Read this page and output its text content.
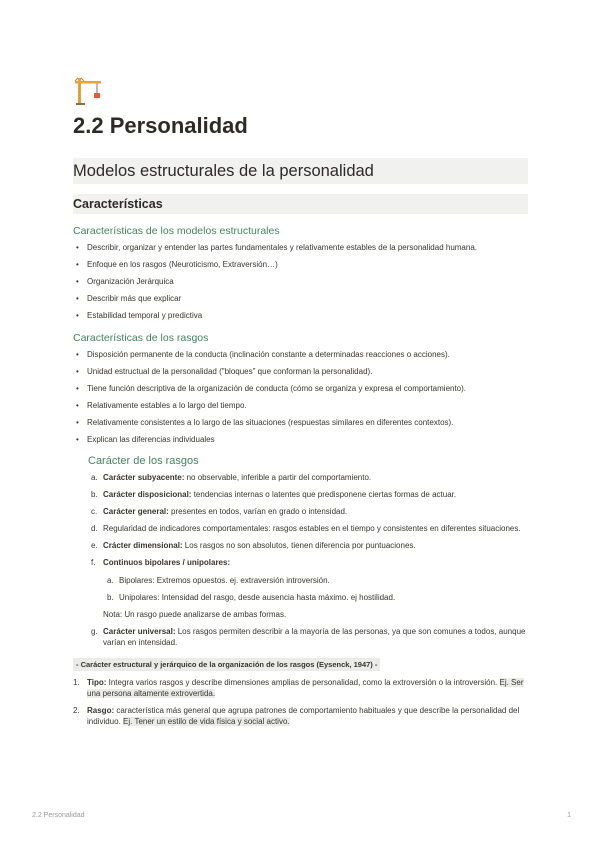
2.2 Personalidad
Modelos estructurales de la personalidad
Características
Características de los modelos estructurales
• Describir, organizar y entender las partes fundamentales y relativamente estables de la personalidad humana.
• Enfoque en los rasgos (Neuroticismo, Extraversión…)
• Organización Jerárquica
• Describir más que explicar
• Estabilidad temporal y predictiva
Características de los rasgos
• Disposición permanente de la conducta (inclinación constante a determinadas reacciones o acciones).
• Unidad estructual de la personalidad ("bloques" que conforman la personalidad).
• Tiene función descriptiva de la organización de conducta (cómo se organiza y expresa el comportamiento).
• Relativamente estables a lo largo del tiempo.
• Relativamente consistentes a lo largo de las situaciones (respuestas similares en diferentes contextos).
• Explican las diferencias individuales
Carácter de los rasgos
a. Carácter subyacente: no observable, inferible a partir del comportamiento.
b. Carácter disposicional: tendencias internas o latentes que predisponene ciertas formas de actuar.
c. Carácter general: presentes en todos, varían en grado o intensidad.
d. Regularidad de indicadores comportamentales: rasgos estables en el tiempo y consistentes en diferentes situaciones.
e. Crácter dimensional: Los rasgos no son absolutos, tienen diferencia por puntuaciones.
f. Continuos bipolares / unipolares:
a. Bipolares: Extremos opuestos. ej. extraversión introversión.
b. Unipolares: Intensidad del rasgo, desde ausencia hasta máximo. ej hostilidad.
Nota: Un rasgo puede analizarse de ambas formas.
g. Carácter universal: Los rasgos permiten describir a la mayoría de las personas, ya que son comunes a todos, aunque varían en intensidad.
- Carácter estructural y jerárquico de la organización de los rasgos (Eysenck, 1947) -
1. Tipo: Integra varios rasgos y describe dimensiones amplias de personalidad, como la extroversión o la introversión. Ej. Ser una persona altamente extrovertida.
2. Rasgo: característica más general que agrupa patrones de comportamiento habituales y que describe la personalidad del individuo. Ej. Tener un estilo de vida física y social activo.
2.2 Personalidad	1
